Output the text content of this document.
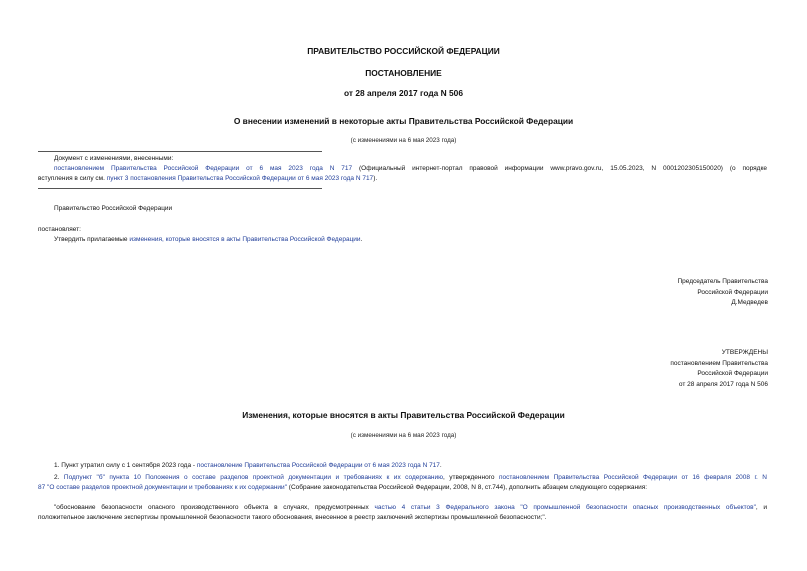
ПРАВИТЕЛЬСТВО РОССИЙСКОЙ ФЕДЕРАЦИИ
ПОСТАНОВЛЕНИЕ
от 28 апреля 2017 года N 506
О внесении изменений в некоторые акты Правительства Российской Федерации
(с изменениями на 6 мая 2023 года)
Документ с изменениями, внесенными:
постановлением Правительства Российской Федерации от 6 мая 2023 года N 717 (Официальный интернет-портал правовой информации www.pravo.gov.ru, 15.05.2023, N 0001202305150020) (о порядке
вступления в силу см. пункт 3 постановления Правительства Российской Федерации от 6 мая 2023 года N 717).
Правительство Российской Федерации
постановляет:
Утвердить прилагаемые изменения, которые вносятся в акты Правительства Российской Федерации.
Председатель Правительства
Российской Федерации
Д.Медведев
УТВЕРЖДЕНЫ
постановлением Правительства
Российской Федерации
от 28 апреля 2017 года N 506
Изменения, которые вносятся в акты Правительства Российской Федерации
(с изменениями на 6 мая 2023 года)
1. Пункт утратил силу с 1 сентября 2023 года - постановление Правительства Российской Федерации от 6 мая 2023 года N 717.
2. Подпункт "б" пункта 10 Положения о составе разделов проектной документации и требованиях к их содержанию, утвержденного постановлением Правительства Российской Федерации от 16 февраля 2008 г. N
87 "О составе разделов проектной документации и требованиях к их содержании" (Собрание законодательства Российской Федерации, 2008, N 8, ст.744), дополнить абзацем следующего содержания:
"обоснование безопасности опасного производственного объекта в случаях, предусмотренных частью 4 статьи 3 Федерального закона "О промышленной безопасности опасных производственных объектов", и
положительное заключение экспертизы промышленной безопасности такого обоснования, внесенное в реестр заключений экспертизы промышленной безопасности;".
